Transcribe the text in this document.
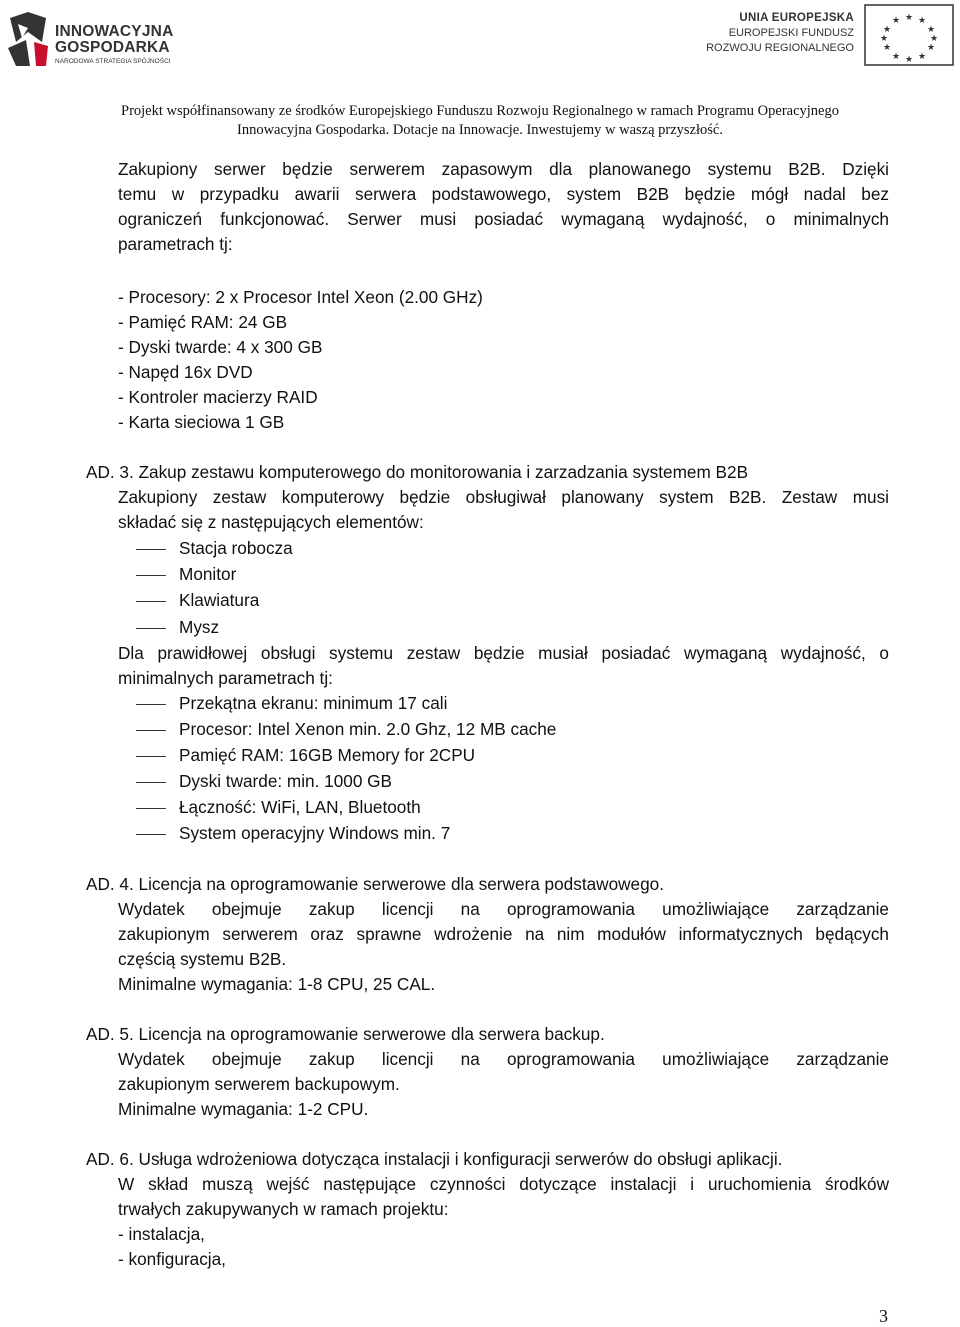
INNOWACYJNA
GOSPODARKA
NARODOWA STRATEGIA SPÓJNOŚCI
UNIA EUROPEJSKA
EUROPEJSKI FUNDUSZ
ROZWOJU REGIONALNEGO
★ ★
★
★
★
★
★
★
★
★
★
★
Projekt współfinansowany ze środków Europejskiego Funduszu Rozwoju Regionalnego w ramach Programu Operacyjnego
Innowacyjna Gospodarka. Dotacje na Innowacje. Inwestujemy w waszą przyszłość.
Zakupiony serwer będzie serwerem zapasowym dla planowanego systemu B2B. Dzięki
temu w przypadku awarii serwera podstawowego, system B2B będzie mógł nadal bez
ograniczeń funkcjonować. Serwer musi posiadać wymaganą wydajność, o minimalnych
parametrach tj:
- Procesory: 2 x Procesor Intel Xeon (2.00 GHz)
- Pamięć RAM: 24 GB
- Dyski twarde: 4 x 300 GB
- Napęd 16x DVD
- Kontroler macierzy RAID
- Karta sieciowa 1 GB
AD. 3. Zakup zestawu komputerowego do monitorowania i zarzadzania systemem B2B
Zakupiony zestaw komputerowy będzie obsługiwał planowany system B2B. Zestaw musi
składać się z następujących elementów:
Stacja robocza
Monitor
Klawiatura
Mysz
Dla prawidłowej obsługi systemu zestaw będzie musiał posiadać wymaganą wydajność, o
minimalnych parametrach tj:
Przekątna ekranu: minimum 17 cali
Procesor: Intel Xenon min. 2.0 Ghz, 12 MB cache
Pamięć RAM: 16GB Memory for 2CPU
Dyski twarde: min. 1000 GB
Łączność: WiFi, LAN, Bluetooth
System operacyjny Windows min. 7
AD. 4. Licencja na oprogramowanie serwerowe dla serwera podstawowego.
Wydatek obejmuje zakup licencji na oprogramowania umożliwiające zarządzanie
zakupionym serwerem oraz sprawne wdrożenie na nim modułów informatycznych będących
częścią systemu B2B.
Minimalne wymagania: 1-8 CPU, 25 CAL.
AD. 5. Licencja na oprogramowanie serwerowe dla serwera backup.
Wydatek obejmuje zakup licencji na oprogramowania umożliwiające zarządzanie
zakupionym serwerem backupowym.
Minimalne wymagania: 1-2 CPU.
AD. 6. Usługa wdrożeniowa dotycząca instalacji i konfiguracji serwerów do obsługi aplikacji.
W skład muszą wejść następujące czynności dotyczące instalacji i uruchomienia środków
trwałych zakupywanych w ramach projektu:
- instalacja,
- konfiguracja,
3
